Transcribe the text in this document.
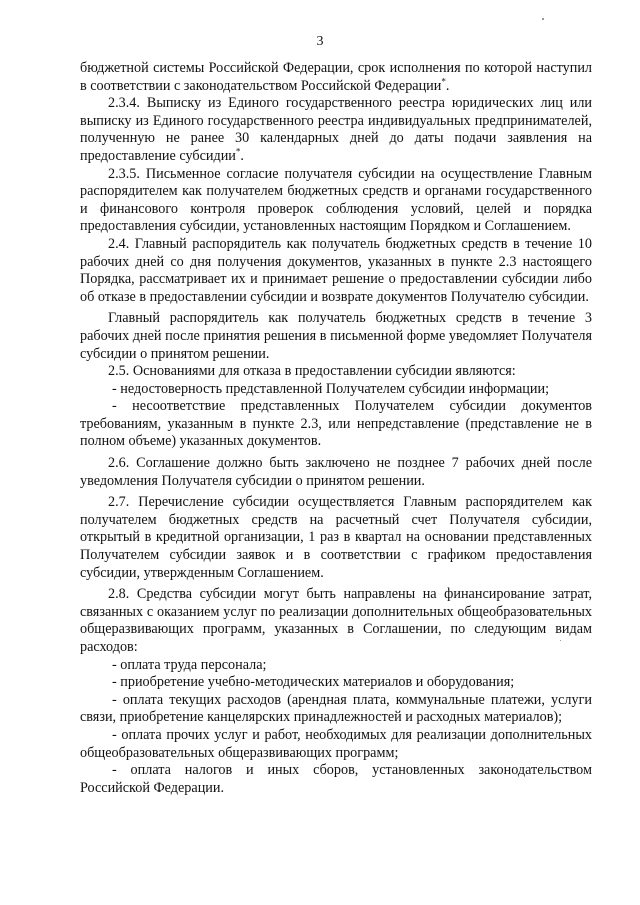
3

бюджетной системы Российской Федерации, срок исполнения по которой наступил в соответствии с законодательством Российской Федерации*.

2.3.4. Выписку из Единого государственного реестра юридических лиц или выписку из Единого государственного реестра индивидуальных предпринимателей, полученную не ранее 30 календарных дней до даты подачи заявления на предоставление субсидии*.

2.3.5. Письменное согласие получателя субсидии на осуществление Главным распорядителем как получателем бюджетных средств и органами государственного и финансового контроля проверок соблюдения условий, целей и порядка предоставления субсидии, установленных настоящим Порядком и Соглашением.

2.4. Главный распорядитель как получатель бюджетных средств в течение 10 рабочих дней со дня получения документов, указанных в пункте 2.3 настоящего Порядка, рассматривает их и принимает решение о предоставлении субсидии либо об отказе в предоставлении субсидии и возврате документов Получателю субсидии.

Главный распорядитель как получатель бюджетных средств в течение 3 рабочих дней после принятия решения в письменной форме уведомляет Получателя субсидии о принятом решении.

2.5. Основаниями для отказа в предоставлении субсидии являются:

- недостоверность представленной Получателем субсидии информации;

- несоответствие представленных Получателем субсидии документов требованиям, указанным в пункте 2.3, или непредставление (представление не в полном объеме) указанных документов.

2.6. Соглашение должно быть заключено не позднее 7 рабочих дней после уведомления Получателя субсидии о принятом решении.

2.7. Перечисление субсидии осуществляется Главным распорядителем как получателем бюджетных средств на расчетный счет Получателя субсидии, открытый в кредитной организации, 1 раз в квартал на основании представленных Получателем субсидии заявок и в соответствии с графиком предоставления субсидии, утвержденным Соглашением.

2.8. Средства субсидии могут быть направлены на финансирование затрат, связанных с оказанием услуг по реализации дополнительных общеобразовательных общеразвивающих программ, указанных в Соглашении, по следующим видам расходов:

- оплата труда персонала;

- приобретение учебно-методических материалов и оборудования;

- оплата текущих расходов (арендная плата, коммунальные платежи, услуги связи, приобретение канцелярских принадлежностей и расходных материалов);

- оплата прочих услуг и работ, необходимых для реализации дополнительных общеобразовательных общеразвивающих программ;

- оплата налогов и иных сборов, установленных законодательством Российской Федерации.
